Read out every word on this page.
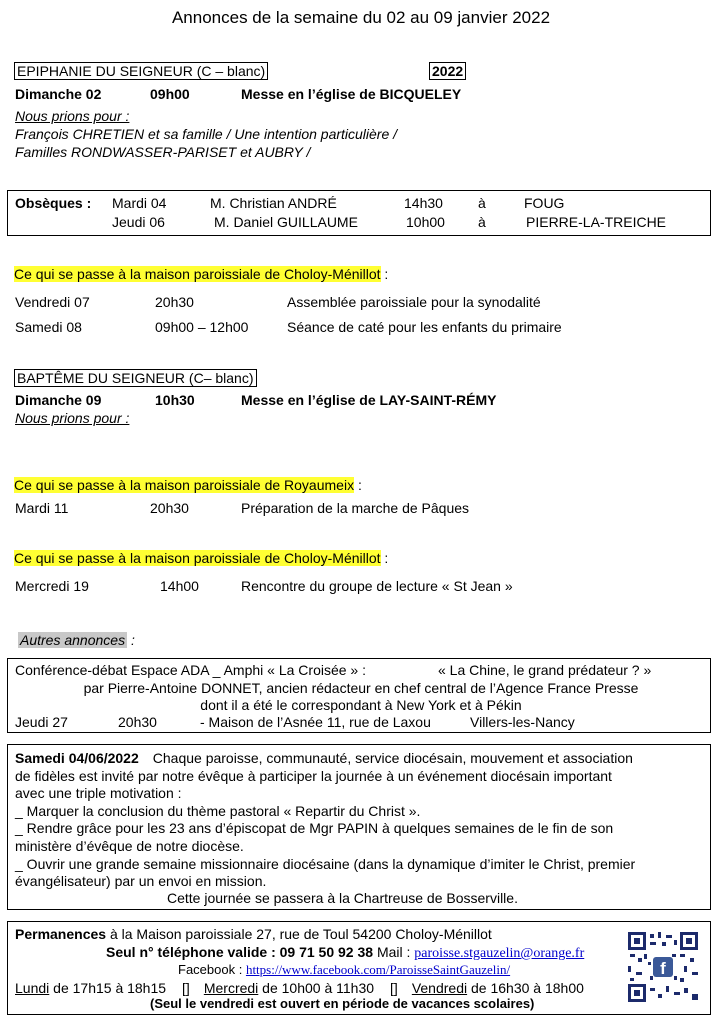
Annonces de la semaine du 02 au 09 janvier 2022
EPIPHANIE DU SEIGNEUR (C – blanc)	2022
Dimanche 02	09h00	Messe en l’église de BICQUELEY
Nous prions pour :
François CHRETIEN et sa famille / Une intention particulière /
Familles RONDWASSER-PARISET et AUBRY /
Obsèques : Mardi 04	M. Christian ANDRÉ	14h30	à	FOUG
Jeudi 06	M. Daniel GUILLAUME	10h00 à	PIERRE-LA-TREICHE
Ce qui se passe à la maison paroissiale de Choloy-Ménillot :
Vendredi 07	20h30	Assemblée paroissiale pour la synodalité
Samedi 08	09h00 – 12h00	Séance de caté pour les enfants du primaire
BAPTÊME DU SEIGNEUR (C– blanc)
Dimanche 09	10h30	Messe en l’église de LAY-SAINT-RÉMY
Nous prions pour :
Ce qui se passe à la maison paroissiale de Royaumeix :
Mardi 11	20h30	Préparation de la marche de Pâques
Ce qui se passe à la maison paroissiale de Choloy-Ménillot :
Mercredi 19	14h00	Rencontre du groupe de lecture « St Jean »
Autres annonces :
Conférence-débat Espace ADA _ Amphi « La Croisée » :	« La Chine, le grand prédateur ? »
par Pierre-Antoine DONNET, ancien rédacteur en chef central de l’Agence France Presse
dont il a été le correspondant à New York et à Pékin
Jeudi 27	20h30	- Maison de l’Asnée 11, rue de Laxou	Villers-les-Nancy
Samedi 04/06/2022 Chaque paroisse, communauté, service diocésain, mouvement et association
de fidèles est invité par notre évêque à participer la journée à un événement diocésain important
avec une triple motivation :
_ Marquer la conclusion du thème pastoral « Repartir du Christ ».
_ Rendre grâce pour les 23 ans d’épiscopat de Mgr PAPIN à quelques semaines de le fin de son
ministère d’évêque de notre diocèse.
_ Ouvrir une grande semaine missionnaire diocésaine (dans la dynamique d’imiter le Christ, premier
évangélisateur) par un envoi en mission.
Cette journée se passera à la Chartreuse de Bosserville.
Permanences à la Maison paroissiale 27, rue de Toul 54200 Choloy-Ménillot
Seul n° téléphone valide : 09 71 50 92 38 Mail : paroisse.stgauzelin@orange.fr
Facebook : https://www.facebook.com/ParoisseSaintGauzelin/
Lundi de 17h15 à 18h15 [] Mercredi de 10h00 à 11h30 [] Vendredi de 16h30 à 18h00
(Seul le vendredi est ouvert en période de vacances scolaires)
f
